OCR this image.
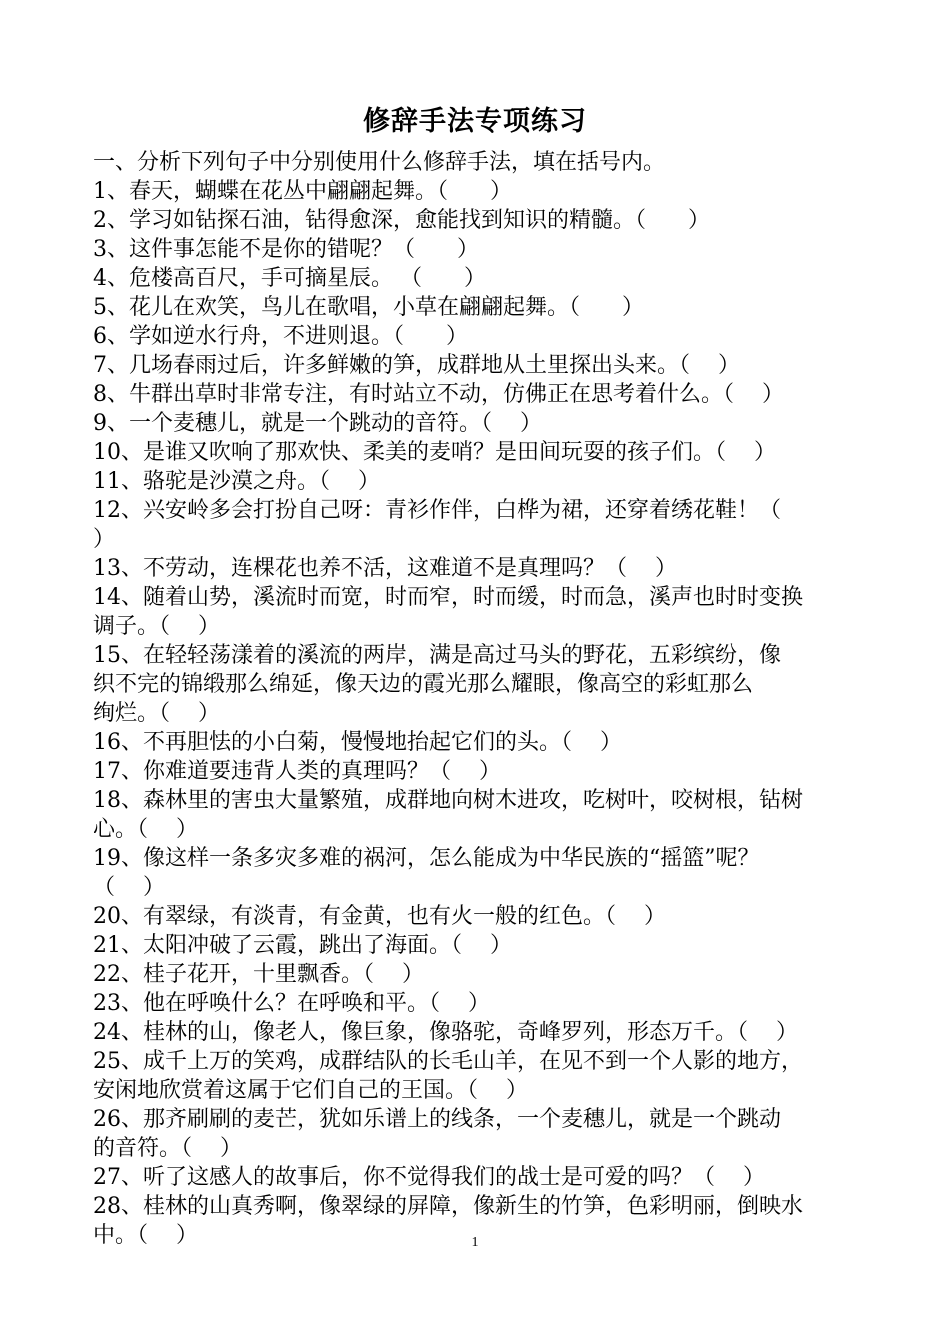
修辞手法专项练习
一、分析下列句子中分别使用什么修辞手法，填在括号内。
1、春天，蝴蝶在花丛中翩翩起舞。（      ）
2、学习如钻探石油，钻得愈深，愈能找到知识的精髓。（      ）
3、这件事怎能不是你的错呢？（      ）
4、危楼高百尺，手可摘星辰。 （      ）
5、花儿在欢笑，鸟儿在歌唱，小草在翩翩起舞。（      ）
6、学如逆水行舟，不进则退。（      ）
7、几场春雨过后，许多鲜嫩的笋，成群地从土里探出头来。（    ）
8、牛群出草时非常专注，有时站立不动，仿佛正在思考着什么。（    ）
9、一个麦穗儿，就是一个跳动的音符。（    ）
10、是谁又吹响了那欢快、柔美的麦哨？是田间玩耍的孩子们。（    ）
11、骆驼是沙漠之舟。（    ）
12、兴安岭多会打扮自己呀：青衫作伴，白桦为裙，还穿着绣花鞋！（
）
13、不劳动，连棵花也养不活，这难道不是真理吗？（    ）
14、随着山势，溪流时而宽，时而窄，时而缓，时而急，溪声也时时变换
调子。（    ）
15、在轻轻荡漾着的溪流的两岸，满是高过马头的野花，五彩缤纷，像
织不完的锦缎那么绵延，像天边的霞光那么耀眼，像高空的彩虹那么
绚烂。（    ）
16、不再胆怯的小白菊，慢慢地抬起它们的头。（    ）
17、你难道要违背人类的真理吗？（    ）
18、森林里的害虫大量繁殖，成群地向树木进攻，吃树叶，咬树根，钻树
心。（    ）
19、像这样一条多灾多难的祸河，怎么能成为中华民族的“摇篮”呢？
（    ）
20、有翠绿，有淡青，有金黄，也有火一般的红色。（    ）
21、太阳冲破了云霞，跳出了海面。（    ）
22、桂子花开，十里飘香。（    ）
23、他在呼唤什么？在呼唤和平。（    ）
24、桂林的山，像老人，像巨象，像骆驼，奇峰罗列，形态万千。（    ）
25、成千上万的笑鸡，成群结队的长毛山羊，在见不到一个人影的地方，
安闲地欣赏着这属于它们自己的王国。（    ）
26、那齐刷刷的麦芒，犹如乐谱上的线条，一个麦穗儿，就是一个跳动
的音符。（    ）
27、听了这感人的故事后，你不觉得我们的战士是可爱的吗？（    ）
28、桂林的山真秀啊，像翠绿的屏障，像新生的竹笋，色彩明丽，倒映水
中。（    ）	1
